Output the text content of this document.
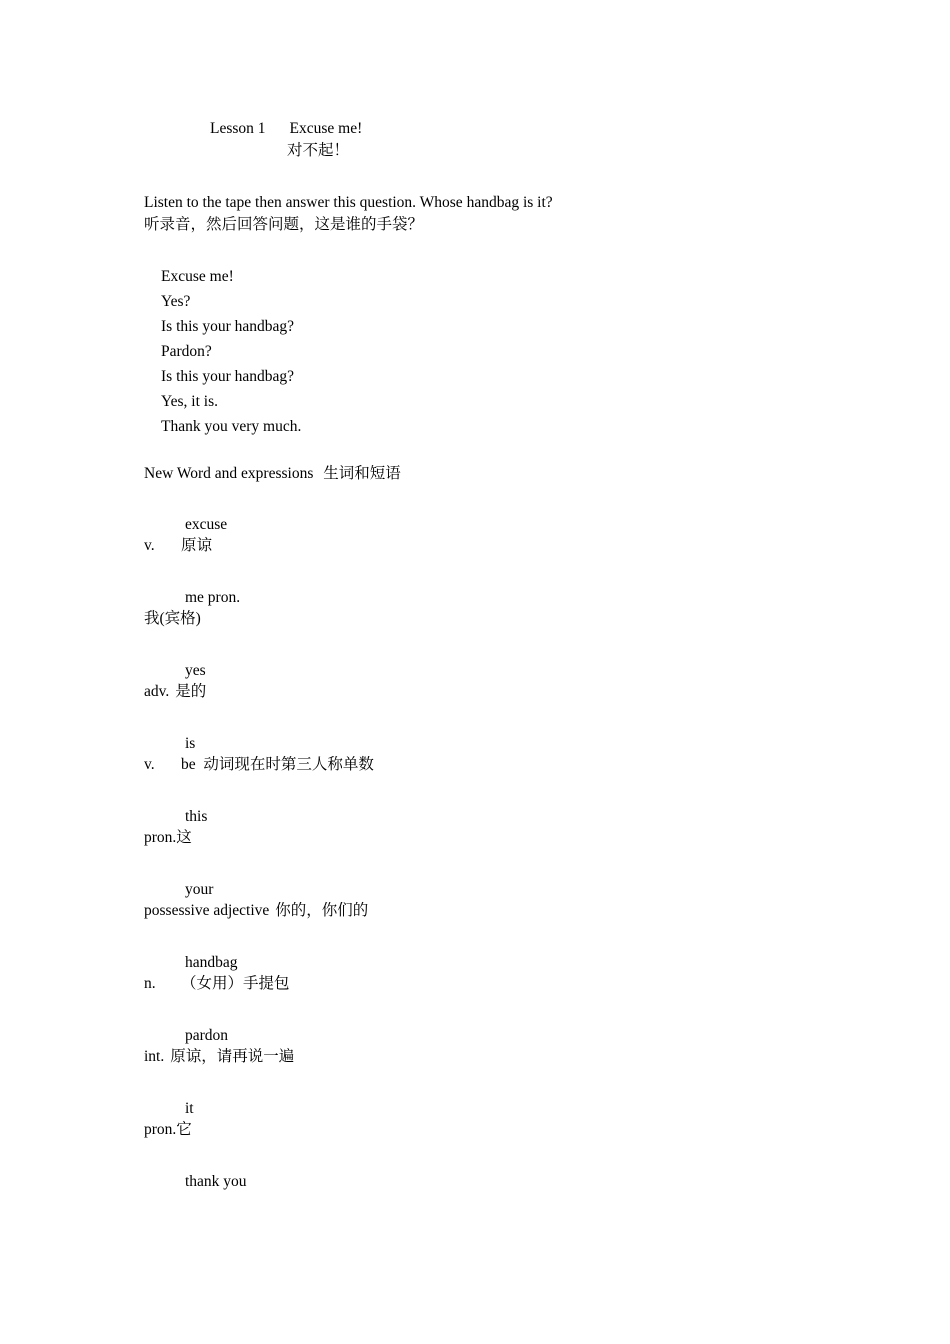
Lesson 1 Excuse me!
对不起！
Listen to the tape then answer this question. Whose handbag is it?
听录音，然后回答问题，这是谁的手袋？
Excuse me!
Yes?
Is this your handbag?
Pardon?
Is this your handbag?
Yes, it is.
Thank you very much.
New Word and expressions 生词和短语
excuse
v. 原谅
me pron.
我(宾格)
yes
adv. 是的
is
v. be  动词现在时第三人称单数
this
pron.这
your
possessive adjective 你的，你们的
handbag
n. （女用）手提包
pardon
int. 原谅，请再说一遍
it
pron.它
thank you
